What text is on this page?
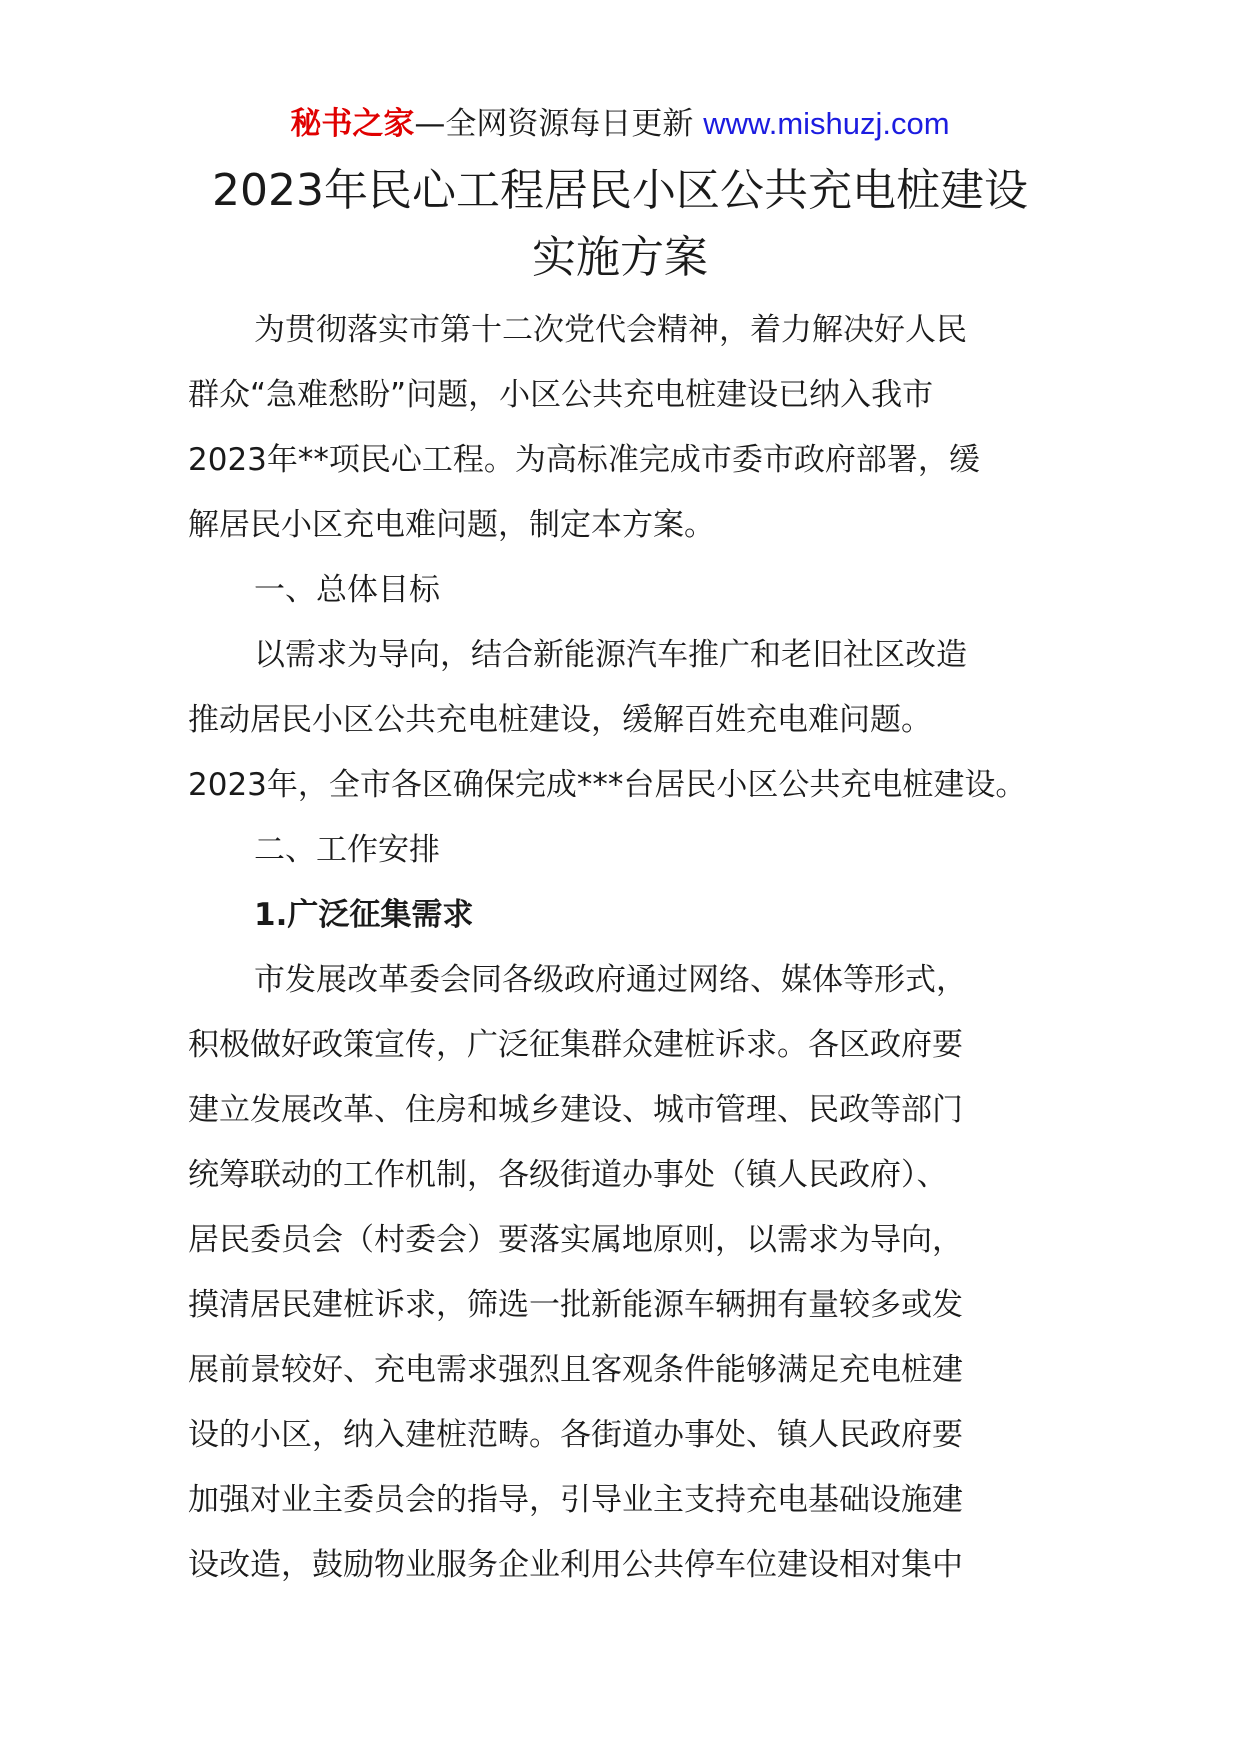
秘书之家—全网资源每日更新 www.mishuzj.com
2023年民心工程居民小区公共充电桩建设
实施方案
为贯彻落实市第十二次党代会精神，着力解决好人民
群众“急难愁盼”问题，小区公共充电桩建设已纳入我市
2023年**项民心工程。为高标准完成市委市政府部署，缓
解居民小区充电难问题，制定本方案。
一、总体目标
以需求为导向，结合新能源汽车推广和老旧社区改造
推动居民小区公共充电桩建设，缓解百姓充电难问题。
2023年，全市各区确保完成***台居民小区公共充电桩建设。
二、工作安排
1.广泛征集需求
市发展改革委会同各级政府通过网络、媒体等形式，
积极做好政策宣传，广泛征集群众建桩诉求。各区政府要
建立发展改革、住房和城乡建设、城市管理、民政等部门
统筹联动的工作机制，各级街道办事处（镇人民政府）、
居民委员会（村委会）要落实属地原则，以需求为导向，
摸清居民建桩诉求，筛选一批新能源车辆拥有量较多或发
展前景较好、充电需求强烈且客观条件能够满足充电桩建
设的小区，纳入建桩范畴。各街道办事处、镇人民政府要
加强对业主委员会的指导，引导业主支持充电基础设施建
设改造，鼓励物业服务企业利用公共停车位建设相对集中
